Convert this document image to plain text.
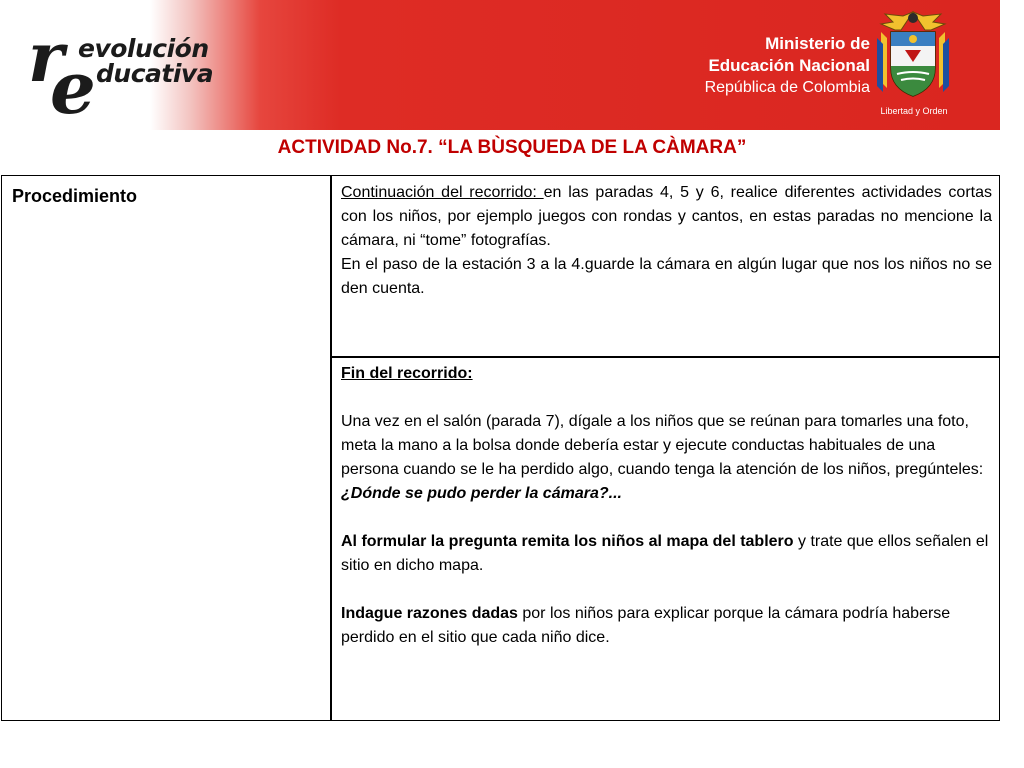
r evolución
e ducativa
Ministerio de
Educación Nacional
República de Colombia
Libertad y Orden
ACTIVIDAD No.7. “LA BÙSQUEDA DE LA CÀMARA”
Procedimiento	Continuación del recorrido: en las paradas 4, 5 y 6, realice diferentes actividades cortas con los niños, por ejemplo juegos con rondas y cantos, en estas paradas no mencione la cámara, ni “tome” fotografías.
En el paso de la estación 3 a la 4.guarde la cámara en algún lugar que nos los niños no se den cuenta.
Fin del recorrido:
Una vez en el salón (parada 7), dígale a los niños que se reúnan para tomarles una foto, meta la mano a la bolsa donde debería estar y ejecute conductas habituales de una persona cuando se le ha perdido algo, cuando tenga la atención de los niños, pregúnteles:
¿Dónde se pudo perder la cámara?...
Al formular la pregunta remita los niños al mapa del tablero y trate que ellos señalen el sitio en dicho mapa.
Indague razones dadas por los niños para explicar porque la cámara podría haberse perdido en el sitio que cada niño dice.
